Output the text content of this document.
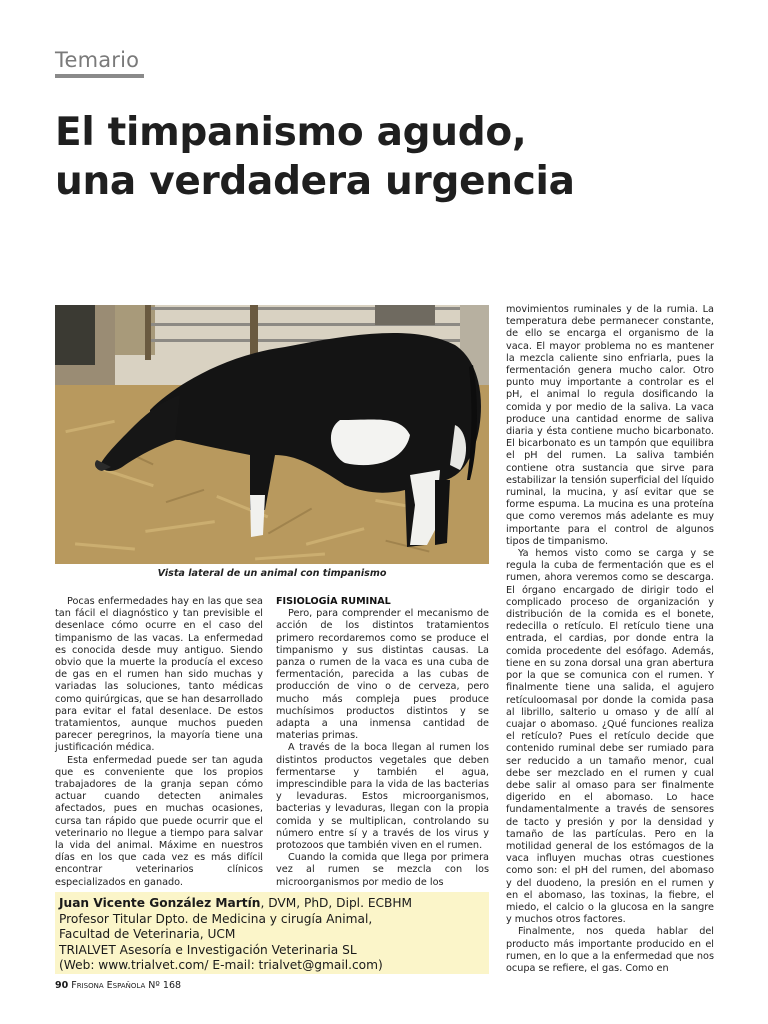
Temario
El timpanismo agudo,
una verdadera urgencia
Vista lateral de un animal con timpanismo

Pocas enfermedades hay en las que sea tan fácil el diagnóstico y tan previsible el desenlace cómo ocurre en el caso del timpanismo de las vacas. La enfermedad es conocida desde muy antiguo. Siendo obvio que la muerte la producía el exceso de gas en el rumen han sido muchas y variadas las soluciones, tanto médicas como quirúrgicas, que se han desarrollado para evitar el fatal desenlace. De estos tratamientos, aunque muchos pueden parecer peregrinos, la mayoría tiene una justificación médica.

Esta enfermedad puede ser tan aguda que es conveniente que los propios trabajadores de la granja sepan cómo actuar cuando detecten animales afectados, pues en muchas ocasiones, cursa tan rápido que puede ocurrir que el veterinario no llegue a tiempo para salvar la vida del animal. Máxime en nuestros días en los que cada vez es más difícil encontrar veterinarios clínicos especializados en ganado.

FISIOLOGÍA RUMINAL

Pero, para comprender el mecanismo de acción de los distintos tratamientos primero recordaremos como se produce el timpanismo y sus distintas causas. La panza o rumen de la vaca es una cuba de fermentación, parecida a las cubas de producción de vino o de cerveza, pero mucho más compleja pues produce muchísimos productos distintos y se adapta a una inmensa cantidad de materias primas.

A través de la boca llegan al rumen los distintos productos vegetales que deben fermentarse y también el agua, imprescindible para la vida de las bacterias y levaduras. Estos microorganismos, bacterias y levaduras, llegan con la propia comida y se multiplican, controlando su número entre sí y a través de los virus y protozoos que también viven en el rumen.

Cuando la comida que llega por primera vez al rumen se mezcla con los microorganismos por medio de los

movimientos ruminales y de la rumia. La temperatura debe permanecer constante, de ello se encarga el organismo de la vaca. El mayor problema no es mantener la mezcla caliente sino enfriarla, pues la fermentación genera mucho calor. Otro punto muy importante a controlar es el pH, el animal lo regula dosificando la comida y por medio de la saliva. La vaca produce una cantidad enorme de saliva diaria y ésta contiene mucho bicarbonato. El bicarbonato es un tampón que equilibra el pH del rumen. La saliva también contiene otra sustancia que sirve para estabilizar la tensión superficial del líquido ruminal, la mucina, y así evitar que se forme espuma. La mucina es una proteína que como veremos más adelante es muy importante para el control de algunos tipos de timpanismo.

Ya hemos visto como se carga y se regula la cuba de fermentación que es el rumen, ahora veremos como se descarga. El órgano encargado de dirigir todo el complicado proceso de organización y distribución de la comida es el bonete, redecilla o retículo. El retículo tiene una entrada, el cardias, por donde entra la comida procedente del esófago. Además, tiene en su zona dorsal una gran abertura por la que se comunica con el rumen. Y finalmente tiene una salida, el agujero retículoomasal por donde la comida pasa al librillo, salterio u omaso y de allí al cuajar o abomaso. ¿Qué funciones realiza el retículo? Pues el retículo decide que contenido ruminal debe ser rumiado para ser reducido a un tamaño menor, cual debe ser mezclado en el rumen y cual debe salir al omaso para ser finalmente digerido en el abomaso. Lo hace fundamentalmente a través de sensores de tacto y presión y por la densidad y tamaño de las partículas. Pero en la motilidad general de los estómagos de la vaca influyen muchas otras cuestiones como son: el pH del rumen, del abomaso y del duodeno, la presión en el rumen y en el abomaso, las toxinas, la fiebre, el miedo, el calcio o la glucosa en la sangre y muchos otros factores.

Finalmente, nos queda hablar del producto más importante producido en el rumen, en lo que a la enfermedad que nos ocupa se refiere, el gas. Como en

Juan Vicente González Martín, DVM, PhD, Dipl. ECBHM
Profesor Titular Dpto. de Medicina y cirugía Animal,
Facultad de Veterinaria, UCM
TRIALVET Asesoría e Investigación Veterinaria SL
(Web: www.trialvet.com/ E-mail: trialvet@gmail.com)
90 Frisona Española Nº 168
